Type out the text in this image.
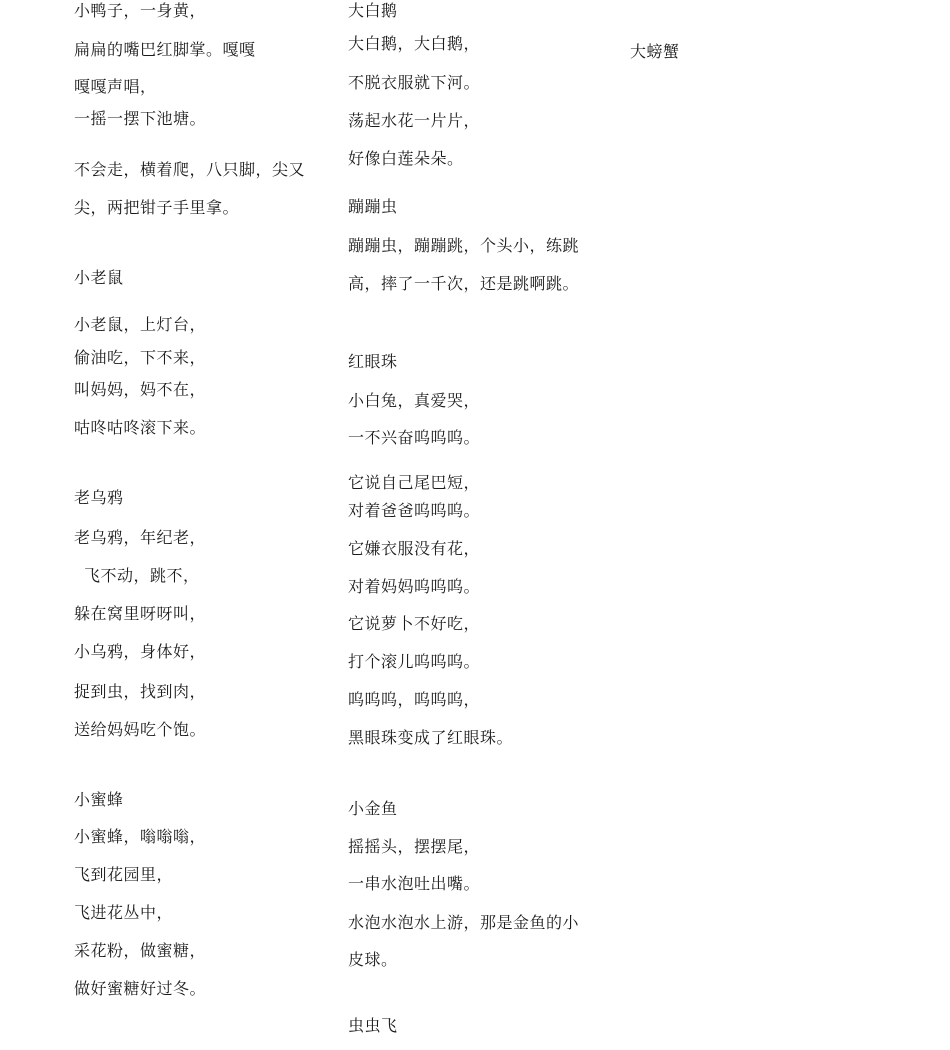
小鸭子，一身黄，
扁扁的嘴巴红脚掌。嘎嘎
嘎嘎声唱，
一摇一摆下池塘。
不会走，横着爬，八只脚，尖又
尖，两把钳子手里拿。
小老鼠
小老鼠，上灯台，
偷油吃，下不来，
叫妈妈，妈不在，
咕咚咕咚滚下来。
老乌鸦
老乌鸦，年纪老，
飞不动，跳不，
躲在窝里呀呀叫，
小乌鸦，身体好，
捉到虫，找到肉，
送给妈妈吃个饱。
小蜜蜂
小蜜蜂，嗡嗡嗡，
飞到花园里，
飞进花丛中，
采花粉，做蜜糖，
做好蜜糖好过冬。
大白鹅
大白鹅，大白鹅，
不脱衣服就下河。
荡起水花一片片，
好像白莲朵朵。
蹦蹦虫
蹦蹦虫，蹦蹦跳，个头小，练跳
高，摔了一千次，还是跳啊跳。
红眼珠
小白兔，真爱哭，
一不兴奋呜呜呜。
它说自己尾巴短，
对着爸爸呜呜呜。
它嫌衣服没有花，
对着妈妈呜呜呜。
它说萝卜不好吃，
打个滚儿呜呜呜。
呜呜呜，呜呜呜，
黑眼珠变成了红眼珠。
小金鱼
摇摇头，摆摆尾，
一串水泡吐出嘴。
水泡水泡水上游，那是金鱼的小
皮球。
虫虫飞
大螃蟹
